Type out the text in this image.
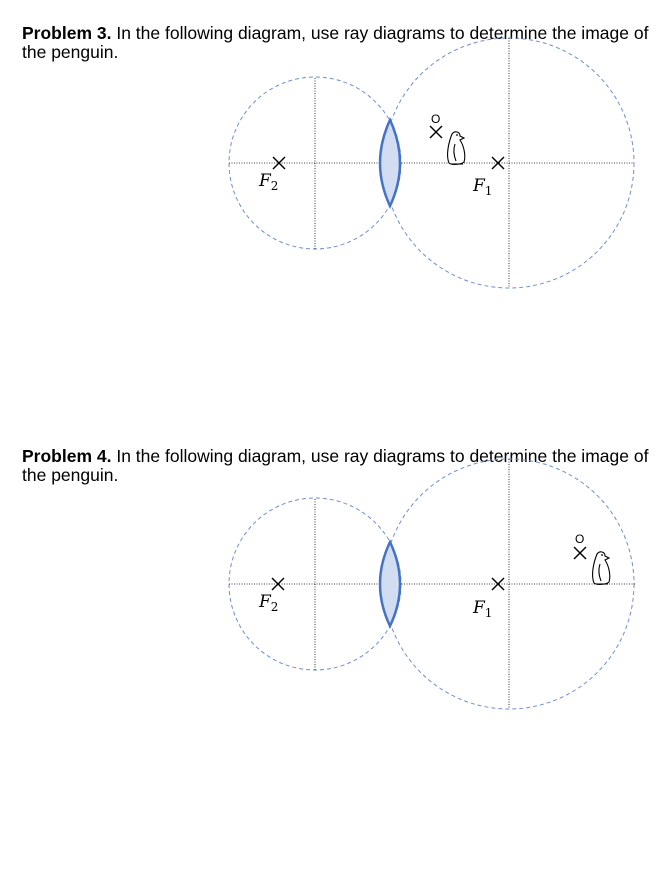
Problem 3. In the following diagram, use ray diagrams to determine the image of the penguin.
$F_2$	$F_1$
O
Problem 4. In the following diagram, use ray diagrams to determine the image of the penguin.
$F_2$	$F_1$
O
